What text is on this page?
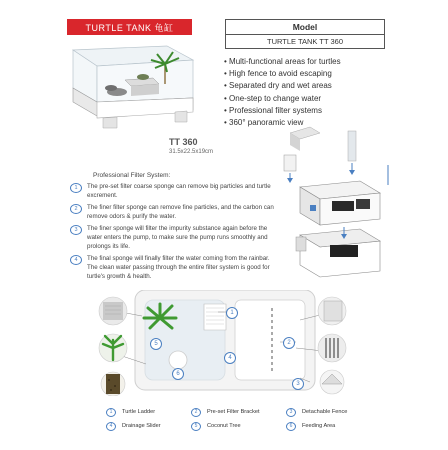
TURTLE TANK 龟缸	Model
TURTLE TANK TT 360
• Multi-functional areas for turtles
• High fence to avoid escaping
• Separated dry and wet areas
• One-step to change water
• Professional filter systems
• 360° panoramic view
TT 360
31.5x22.5x19cm
Professional Filter System:
1	The pre-set filter coarse sponge can remove big particles and turtle excrement.
2	The finer filter sponge can remove fine particles, and the carbon can remove odors & purify the water.
3	The finer sponge will filter the impurity substance again before the water enters the pump, to make sure the pump runs smoothly and prolongs its life.
4	The final sponge will finally filter the water coming from the rainbar. The clean water passing through the entire filter system is good for turtle's growth & health.
1
2
3
4
5
6
1	Turtle Ladder	2	Pre-set Filter Bracket	3	Detachable Fence
4	Drainage Slider	5	Coconut Tree	6	Feeding Area
